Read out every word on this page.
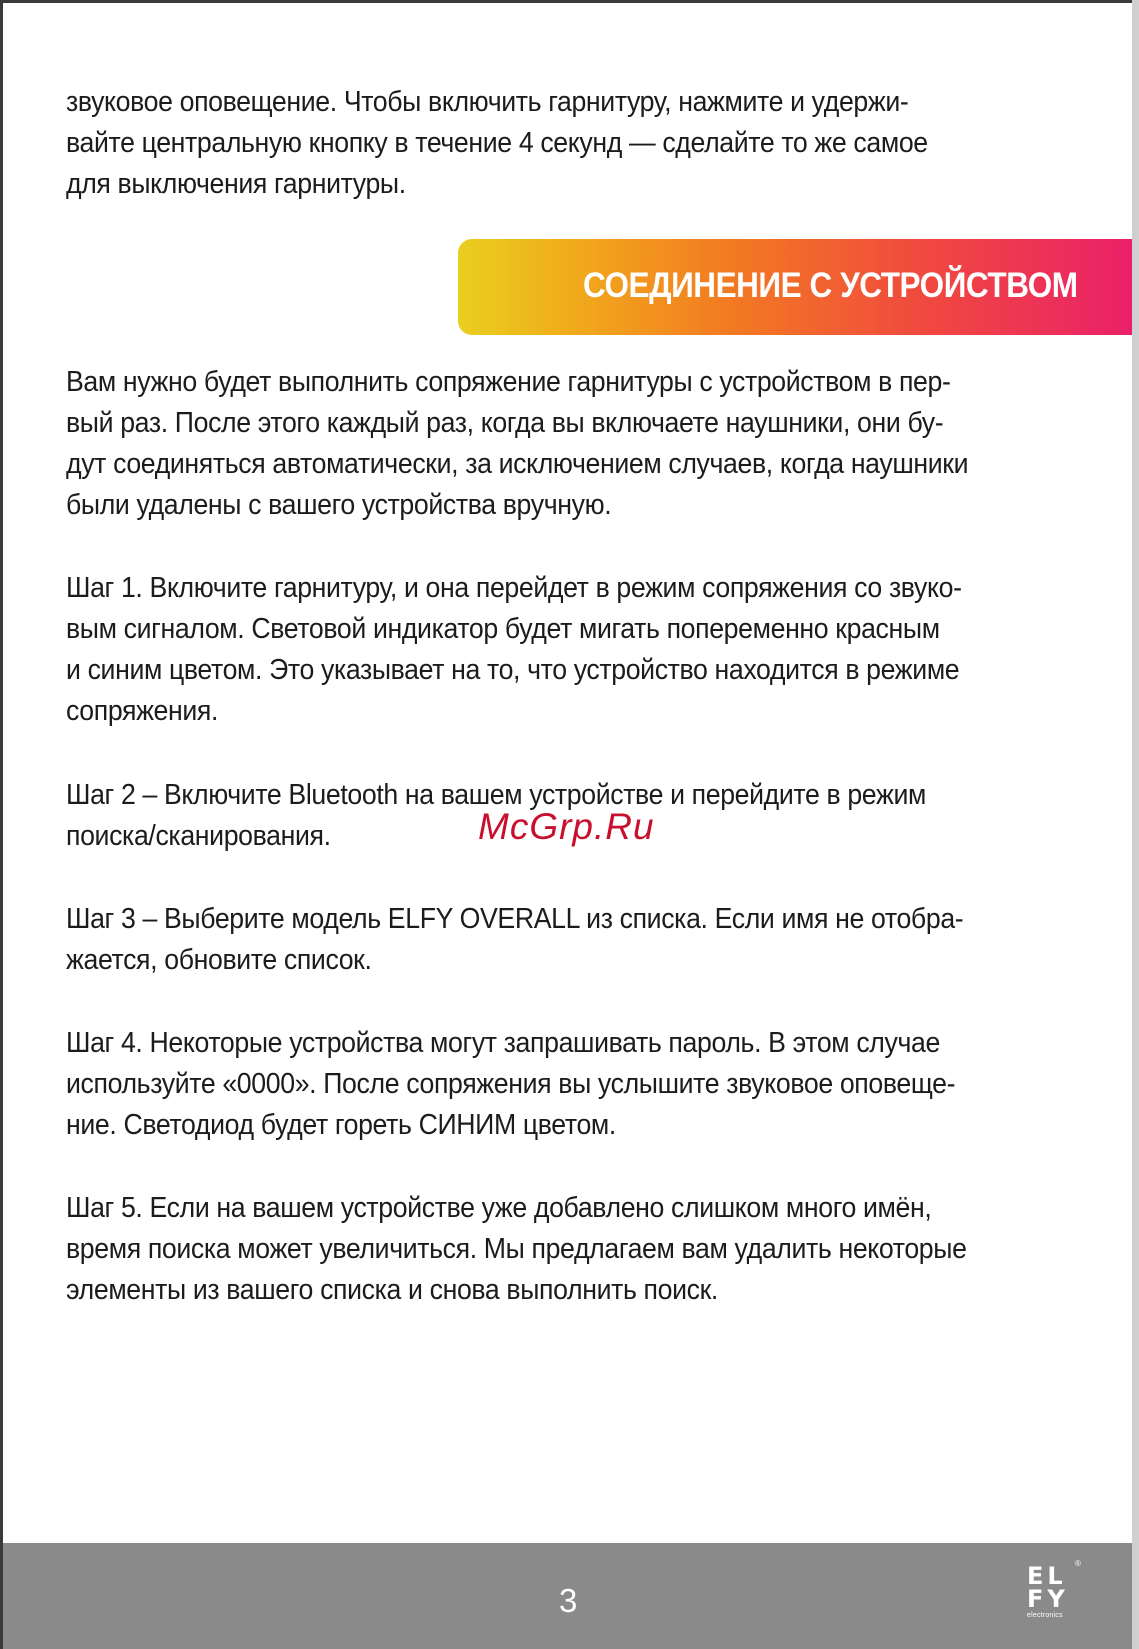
звуковое оповещение. Чтобы включить гарнитуру, нажмите и удержи-
вайте центральную кнопку в течение 4 секунд — сделайте то же самое
для выключения гарнитуры.

СОЕДИНЕНИЕ С УСТРОЙСТВОМ

Вам нужно будет выполнить сопряжение гарнитуры с устройством в пер-
вый раз. После этого каждый раз, когда вы включаете наушники, они бу-
дут соединяться автоматически, за исключением случаев, когда наушники
были удалены с вашего устройства вручную.

Шаг 1. Включите гарнитуру, и она перейдет в режим сопряжения со звуко-
вым сигналом. Световой индикатор будет мигать попеременно красным
и синим цветом. Это указывает на то, что устройство находится в режиме
сопряжения.

Шаг 2 – Включите Bluetooth на вашем устройстве и перейдите в режим
поиска/сканирования.

Шаг 3 – Выберите модель ELFY OVERALL из списка. Если имя не отобра-
жается, обновите список.

Шаг 4. Некоторые устройства могут запрашивать пароль. В этом случае
используйте «0000». После сопряжения вы услышите звуковое оповеще-
ние. Светодиод будет гореть СИНИМ цветом.

Шаг 5. Если на вашем устройстве уже добавлено слишком много имён,
время поиска может увеличиться. Мы предлагаем вам удалить некоторые
элементы из вашего списка и снова выполнить поиск.

McGrp.Ru
3
EL
FY
®
electronics
